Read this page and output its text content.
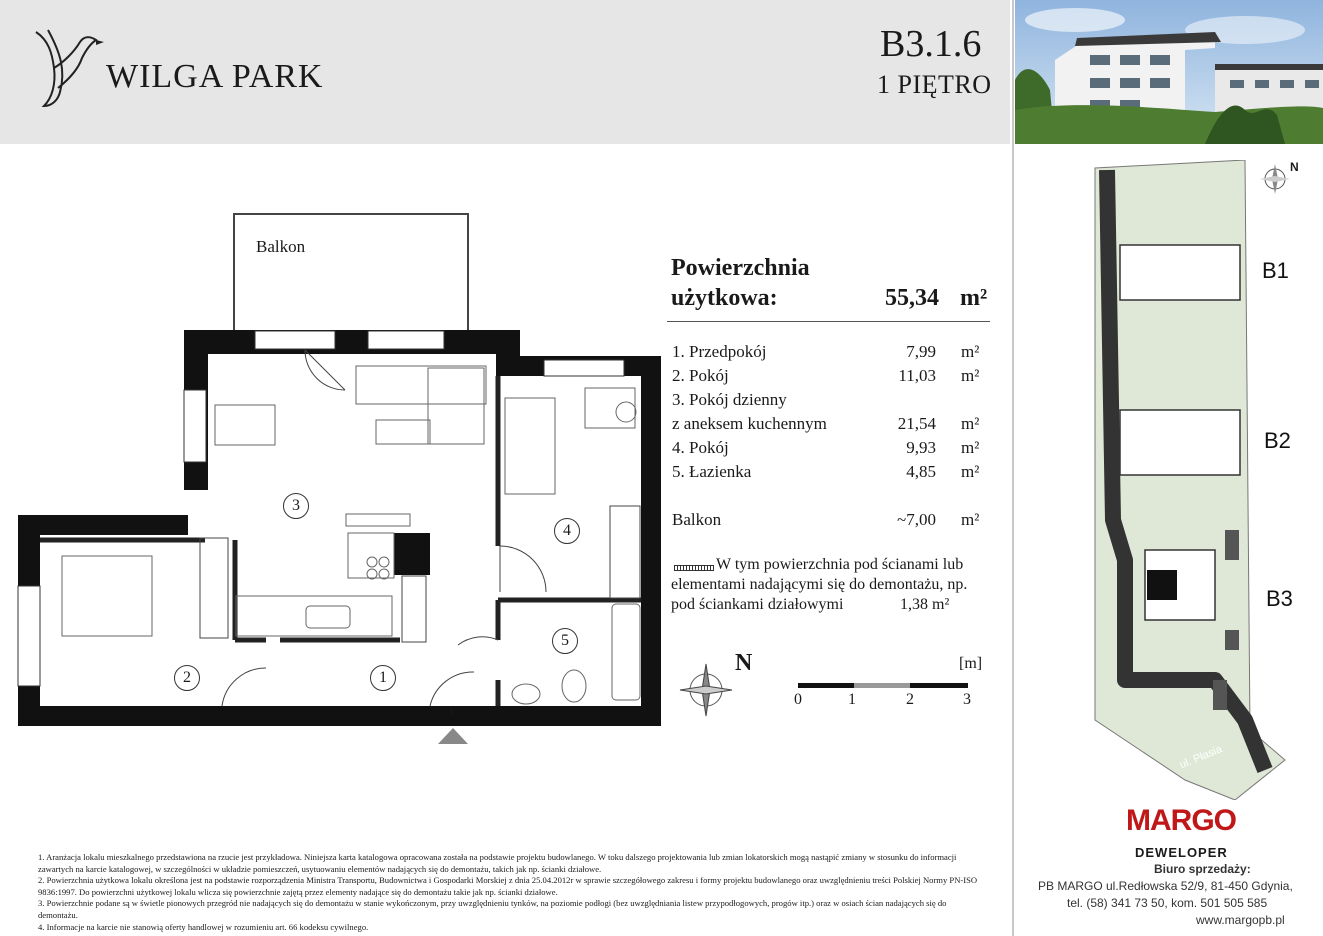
WILGA PARK
B3.1.6
1 PIĘTRO
Balkon
3
4
2	1
5
I
Powierzchnia
użytkowa:	55,34 m²
1. Przedpokój	7,99 m²
2. Pokój	11,03 m²
3. Pokój dzienny
z aneksem kuchennym	21,54 m²
4. Pokój	9,93 m²
5. Łazienka	4,85 m²
Balkon	~7,00 m²
W tym powierzchnia pod ścianami lub
elementami nadającymi się do demontażu, np.
pod ściankami działowymi	1,38 m²
N	[m]
0	1	2	3
N
B1
B2
B3
ul. Płasia
1. Aranżacja lokalu mieszkalnego przedstawiona na rzucie jest przykładowa. Niniejsza karta katalogowa opracowana została na podstawie projektu budowlanego. W toku dalszego projektowania lub zmian lokatorskich mogą nastąpić zmiany w stosunku do informacji zawartych na karcie katalogowej, w szczególności w układzie pomieszczeń, usytuowaniu elementów nadających się do demontażu, takich jak np. ścianki działowe.
2. Powierzchnia użytkowa lokalu określona jest na podstawie rozporządzenia Ministra Transportu, Budownictwa i Gospodarki Morskiej z dnia 25.04.2012r w sprawie szczegółowego zakresu i formy projektu budowlanego oraz uwzględnieniu treści Polskiej Normy PN-ISO 9836:1997. Do powierzchni użytkowej lokalu wlicza się powierzchnie zajętą przez elementy nadające się do demontażu takie jak np. ścianki działowe.
3. Powierzchnie podane są w świetle pionowych przegród nie nadających się do demontażu w stanie wykończonym, przy uwzględnieniu tynków, na poziomie podłogi (bez uwzględniania listew przypodłogowych, progów itp.) oraz w osiach ścian nadających się do demontażu.
4. Informacje na karcie nie stanowią oferty handlowej w rozumieniu art. 66 kodeksu cywilnego.
MARGO
DEWELOPER
Biuro sprzedaży:
PB MARGO ul.Redłowska 52/9, 81-450 Gdynia,
tel. (58) 341 73 50, kom. 501 505 585
www.margopb.pl
